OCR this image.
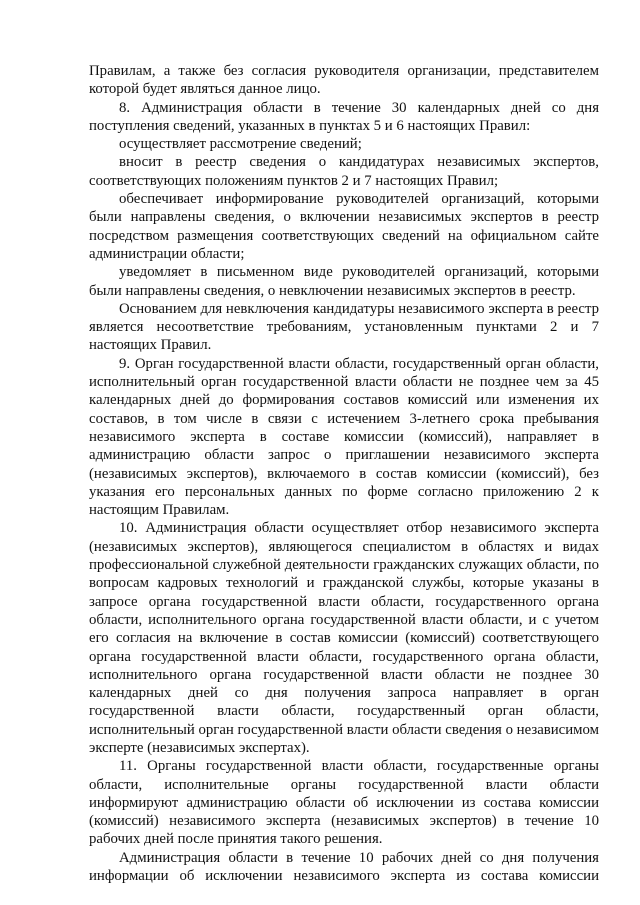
Правилам, а также без согласия руководителя организации, представителем которой будет являться данное лицо.

8. Администрация области в течение 30 календарных дней со дня поступления сведений, указанных в пунктах 5 и 6 настоящих Правил:

осуществляет рассмотрение сведений;

вносит в реестр сведения о кандидатурах независимых экспертов, соответствующих положениям пунктов 2 и 7 настоящих Правил;

обеспечивает информирование руководителей организаций, которыми были направлены сведения, о включении независимых экспертов в реестр посредством размещения соответствующих сведений на официальном сайте администрации области;

уведомляет в письменном виде руководителей организаций, которыми были направлены сведения, о невключении независимых экспертов в реестр.

Основанием для невключения кандидатуры независимого эксперта в реестр является несоответствие требованиям, установленным пунктами 2 и 7 настоящих Правил.

9. Орган государственной власти области, государственный орган области, исполнительный орган государственной власти области не позднее чем за 45 календарных дней до формирования составов комиссий или изменения их составов, в том числе в связи с истечением 3-летнего срока пребывания независимого эксперта в составе комиссии (комиссий), направляет в администрацию области запрос о приглашении независимого эксперта (независимых экспертов), включаемого в состав комиссии (комиссий), без указания его персональных данных по форме согласно приложению 2 к настоящим Правилам.

10. Администрация области осуществляет отбор независимого эксперта (независимых экспертов), являющегося специалистом в областях и видах профессиональной служебной деятельности гражданских служащих области, по вопросам кадровых технологий и гражданской службы, которые указаны в запросе органа государственной власти области, государственного органа области, исполнительного органа государственной власти области, и с учетом его согласия на включение в состав комиссии (комиссий) соответствующего органа государственной власти области, государственного органа области, исполнительного органа государственной власти области не позднее 30 календарных дней со дня получения запроса направляет в орган государственной власти области, государственный орган области, исполнительный орган государственной власти области сведения о независимом эксперте (независимых экспертах).

11. Органы государственной власти области, государственные органы области, исполнительные органы государственной власти области информируют администрацию области об исключении из состава комиссии (комиссий) независимого эксперта (независимых экспертов) в течение 10 рабочих дней после принятия такого решения.

Администрация области в течение 10 рабочих дней со дня получения информации об исключении независимого эксперта из состава комиссии
